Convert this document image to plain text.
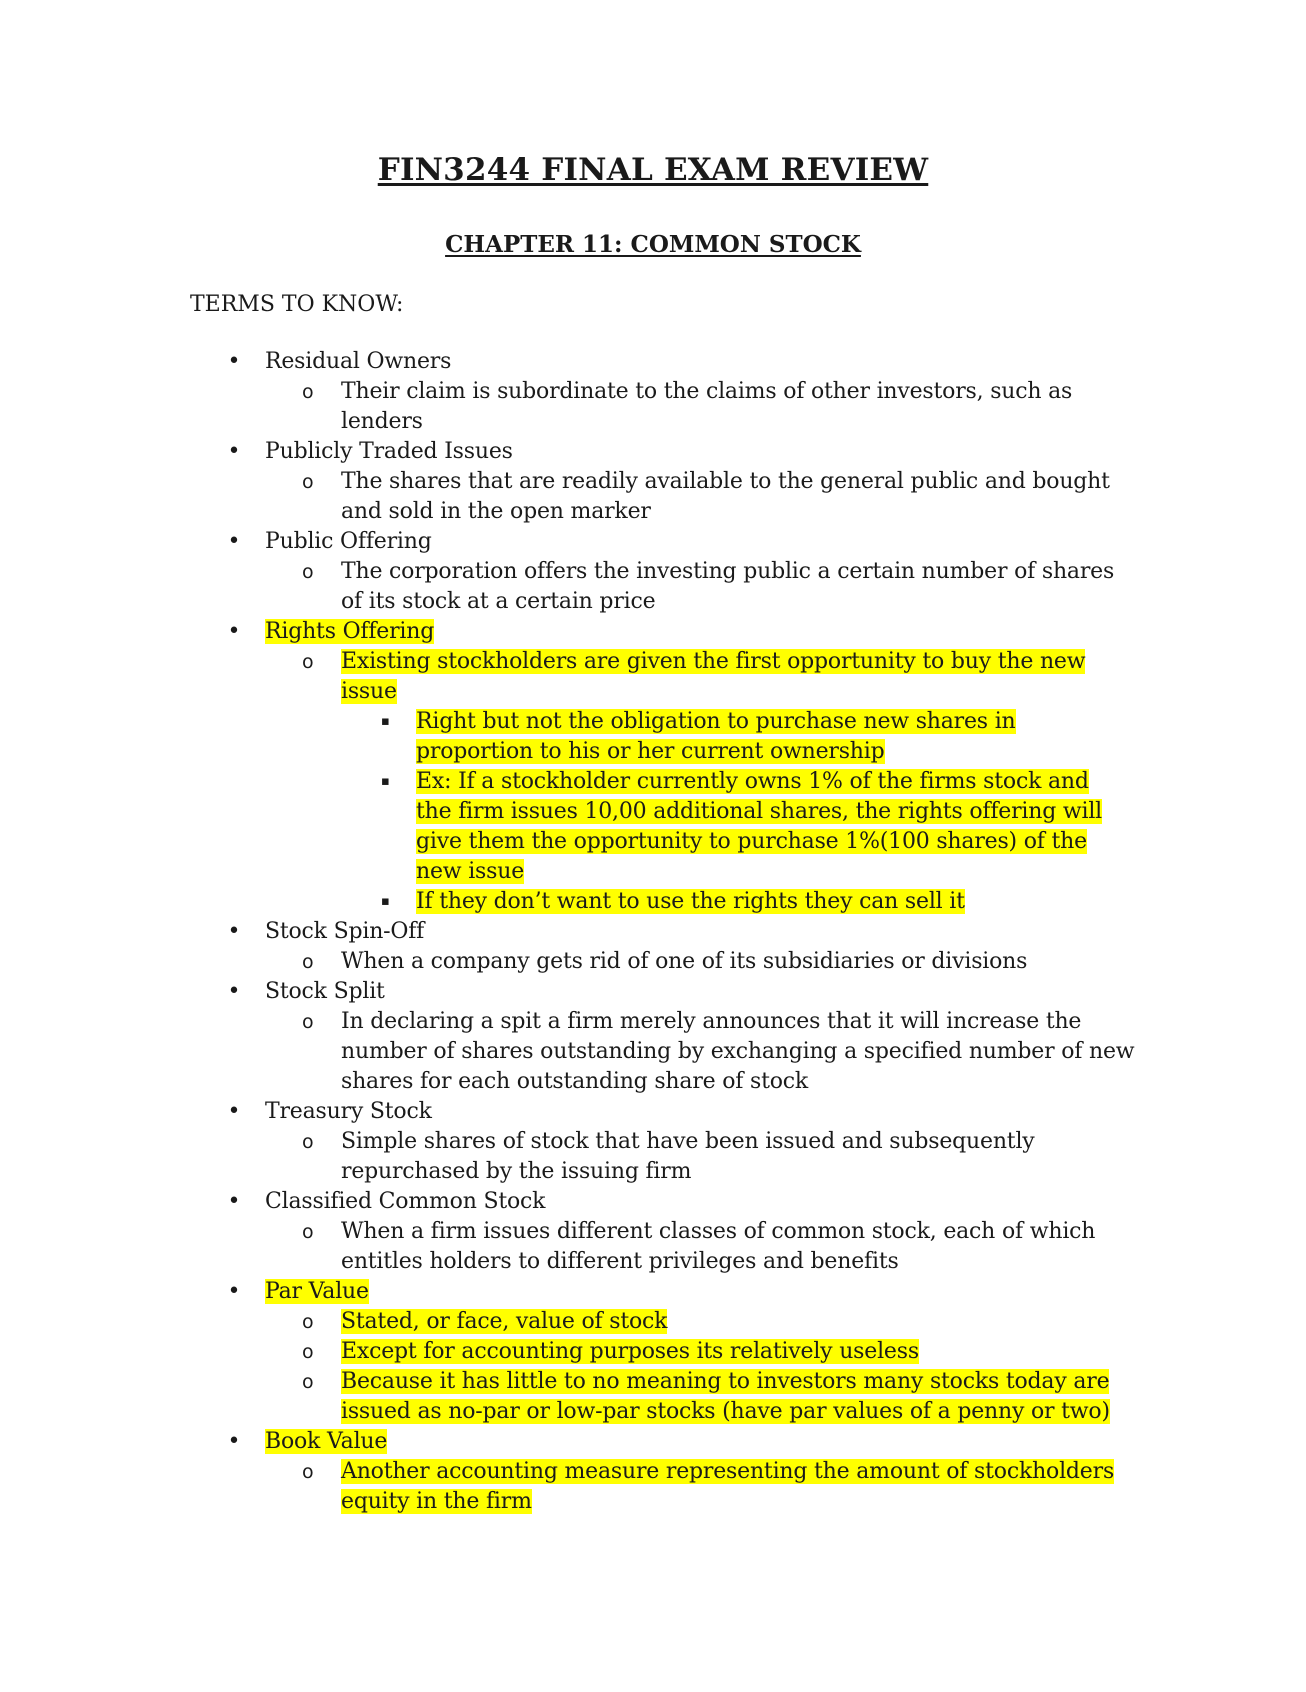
FIN3244 FINAL EXAM REVIEW
CHAPTER 11: COMMON STOCK
TERMS TO KNOW:
• Residual Owners
o Their claim is subordinate to the claims of other investors, such as lenders
• Publicly Traded Issues
o The shares that are readily available to the general public and bought and sold in the open marker
• Public Offering
o The corporation offers the investing public a certain number of shares of its stock at a certain price
• Rights Offering
o Existing stockholders are given the first opportunity to buy the new issue
▪ Right but not the obligation to purchase new shares in proportion to his or her current ownership
▪ Ex: If a stockholder currently owns 1% of the firms stock and the firm issues 10,00 additional shares, the rights offering will give them the opportunity to purchase 1%(100 shares) of the new issue
▪ If they don’t want to use the rights they can sell it
• Stock Spin-Off
o When a company gets rid of one of its subsidiaries or divisions
• Stock Split
o In declaring a spit a firm merely announces that it will increase the number of shares outstanding by exchanging a specified number of new shares for each outstanding share of stock
• Treasury Stock
o Simple shares of stock that have been issued and subsequently repurchased by the issuing firm
• Classified Common Stock
o When a firm issues different classes of common stock, each of which entitles holders to different privileges and benefits
• Par Value
o Stated, or face, value of stock
o Except for accounting purposes its relatively useless
o Because it has little to no meaning to investors many stocks today are issued as no-par or low-par stocks (have par values of a penny or two)
• Book Value
o Another accounting measure representing the amount of stockholders equity in the firm
